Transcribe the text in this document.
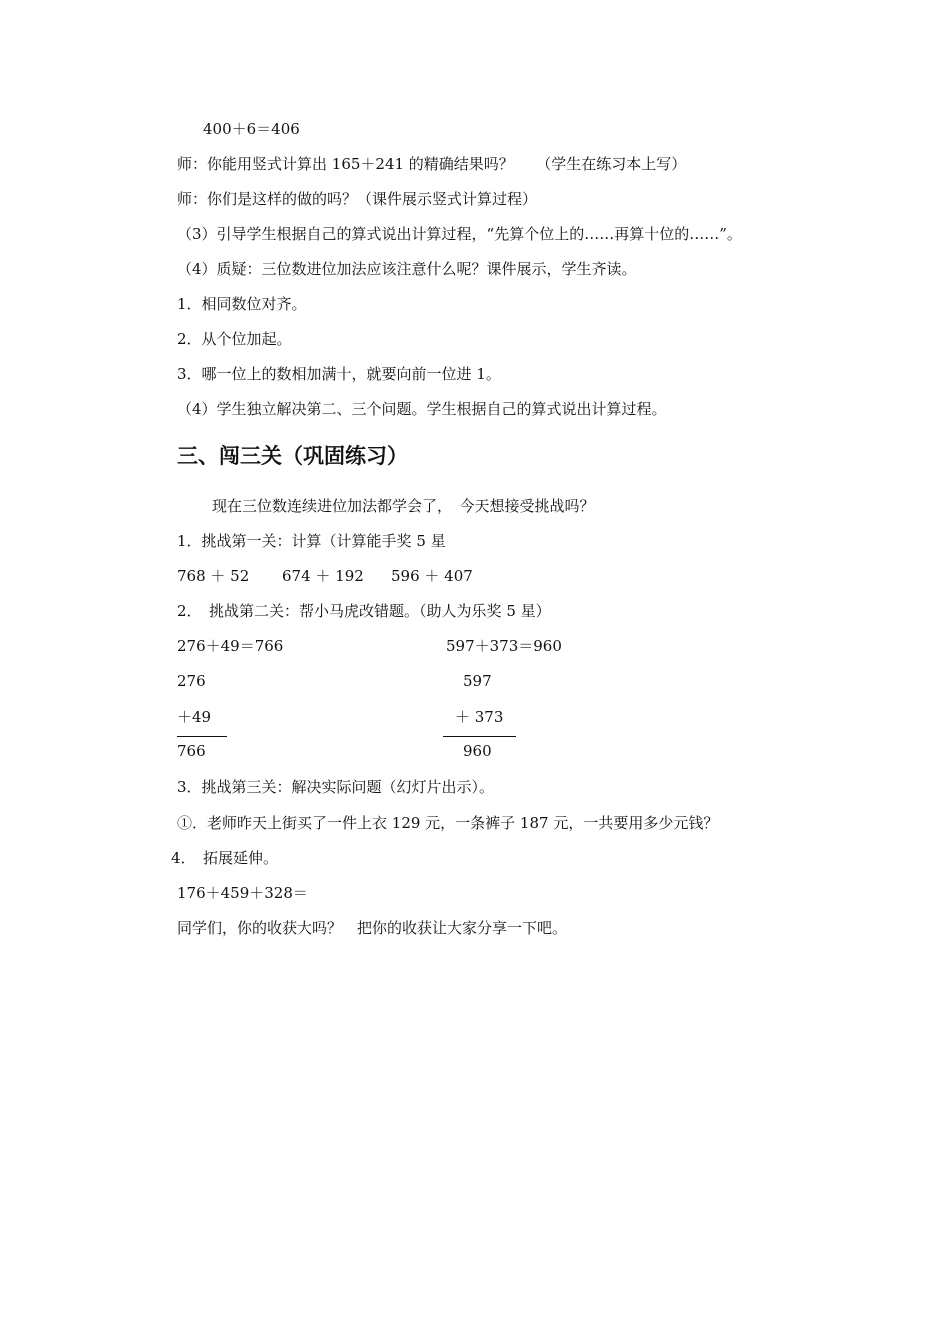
400＋6＝406
师：你能用竖式计算出 165＋241 的精确结果吗？　　（学生在练习本上写）
师：你们是这样的做的吗？（课件展示竖式计算过程）
（3）引导学生根据自己的算式说出计算过程，“先算个位上的……再算十位的……”。
（4）质疑：三位数进位加法应该注意什么呢？课件展示，学生齐读。
1．相同数位对齐。
2．从个位加起。
3．哪一位上的数相加满十，就要向前一位进 1。
（4）学生独立解决第二、三个问题。学生根据自己的算式说出计算过程。
三、闯三关（巩固练习）
现在三位数连续进位加法都学会了，　今天想接受挑战吗？
1．挑战第一关：计算（计算能手奖 5 星
768 ＋ 52 674 ＋ 192 596 ＋ 407
2．　挑战第二关：帮小马虎改错题。（助人为乐奖 5 星）
276＋49＝766	597＋373＝960
276	597
＋49	＋ 373
766	960
3．挑战第三关：解决实际问题（幻灯片出示）。
①．老师昨天上街买了一件上衣 129 元，一条裤子 187 元，一共要用多少元钱？
4．　拓展延伸。
176＋459＋328＝
同学们，你的收获大吗？　把你的收获让大家分享一下吧。
